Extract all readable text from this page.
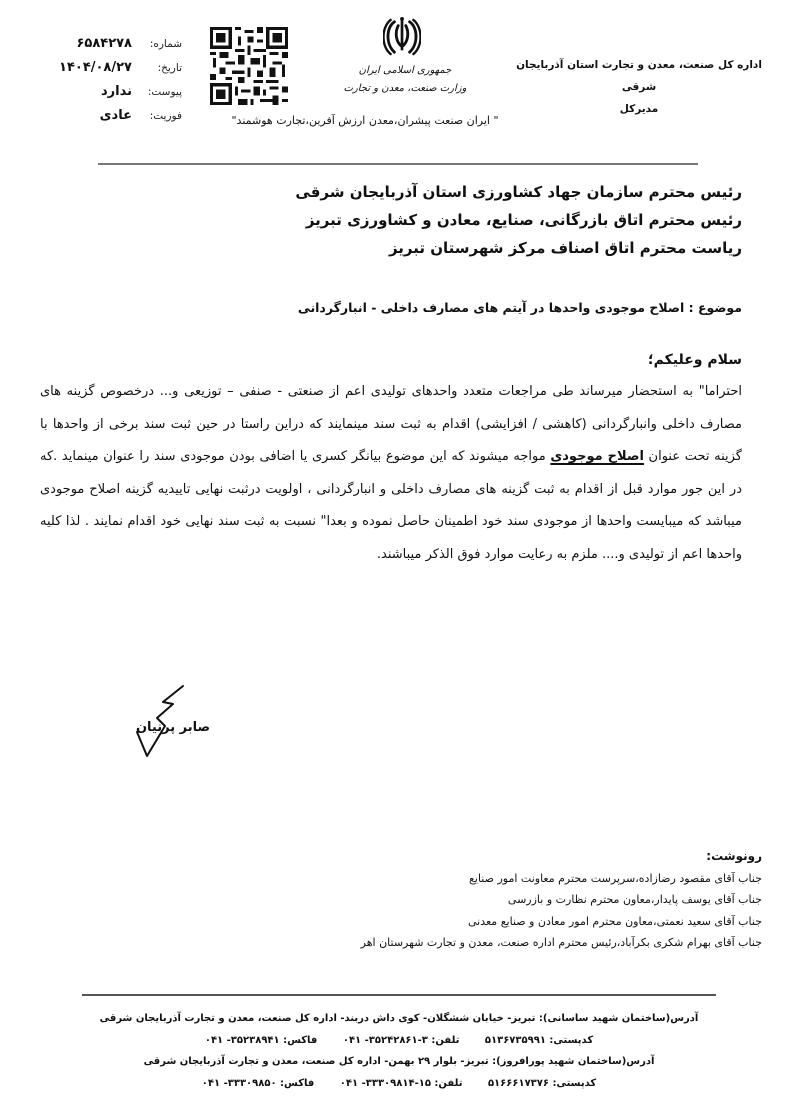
شماره:
۶۵۸۴۲۷۸
تاریخ:
۱۴۰۴/۰۸/۲۷
پیوست:
ندارد
فوریت:
عادی
جمهوری اسلامی ایران
وزارت صنعت، معدن و تجارت
" ایران صنعت پیشران،معدن ارزش آفرین،تجارت هوشمند"
اداره کل صنعت، معدن و تجارت استان آذربایجان شرقی
مدیرکل
رئیس محترم سازمان جهاد کشاورزی استان آذربایجان شرقی
رئیس محترم اتاق بازرگانی، صنایع، معادن و کشاورزی تبریز
ریاست محترم اتاق اصناف مرکز شهرستان تبریز
موضوع : اصلاح موجودی واحدها در آیتم های مصارف داخلی - انبارگردانی
سلام وعلیکم؛
احتراما" به استحضار میرساند طی مراجعات متعدد واحدهای تولیدی اعم از صنعتی - صنفی – توزیعی و... درخصوص گزینه های مصارف داخلی وانبارگردانی (کاهشی / افزایشی) اقدام به ثبت سند مینمایند که دراین راستا در حین ثبت سند برخی از واحدها با گزینه تحت عنوان اصلاح موجودی مواجه میشوند که این موضوع بیانگر کسری یا اضافی بودن موجودی سند را عنوان مینماید .که در این جور موارد قبل از اقدام به ثبت گزینه های مصارف داخلی و انبارگردانی ، اولویت درثبت نهایی تاییدیه گزینه اصلاح موجودی میباشد که میبایست واحدها از موجودی سند خود اطمینان حاصل نموده و بعدا" نسبت به ثبت سند نهایی خود اقدام نمایند . لذا کلیه واحدها اعم از تولیدی و.... ملزم به رعایت موارد فوق الذکر میباشند.
صابر پرنیان
رونوشت:
جناب آقای مقصود رضازاده،سرپرست محترم معاونت امور صنایع
جناب آقای یوسف پایدار،معاون محترم نظارت و بازرسی
جناب آقای سعید نعمتی،معاون محترم امور معادن و صنایع معدنی
جناب آقای بهرام شکری بکرآباد،رئیس محترم اداره صنعت، معدن و تجارت شهرستان اهر
آدرس(ساختمان شهید ساسانی): تبریز- خیابان ششگلان- کوی داش دربند- اداره کل صنعت، معدن و تجارت آذربایجان شرقی
کدپستی: ۵۱۳۶۷۳۵۹۹۱ تلفن: ۳-۳۵۲۴۲۸۶۱- ۰۴۱ فاکس: ۳۵۲۳۸۹۴۱- ۰۴۱
آدرس(ساختمان شهید پورافروز): تبریز- بلوار ۲۹ بهمن- اداره کل صنعت، معدن و تجارت آذربایجان شرقی
کدپستی: ۵۱۶۶۶۱۷۳۷۶ تلفن: ۱۵-۳۳۳۰۹۸۱۴- ۰۴۱ فاکس: ۳۳۳۰۹۸۵۰- ۰۴۱
